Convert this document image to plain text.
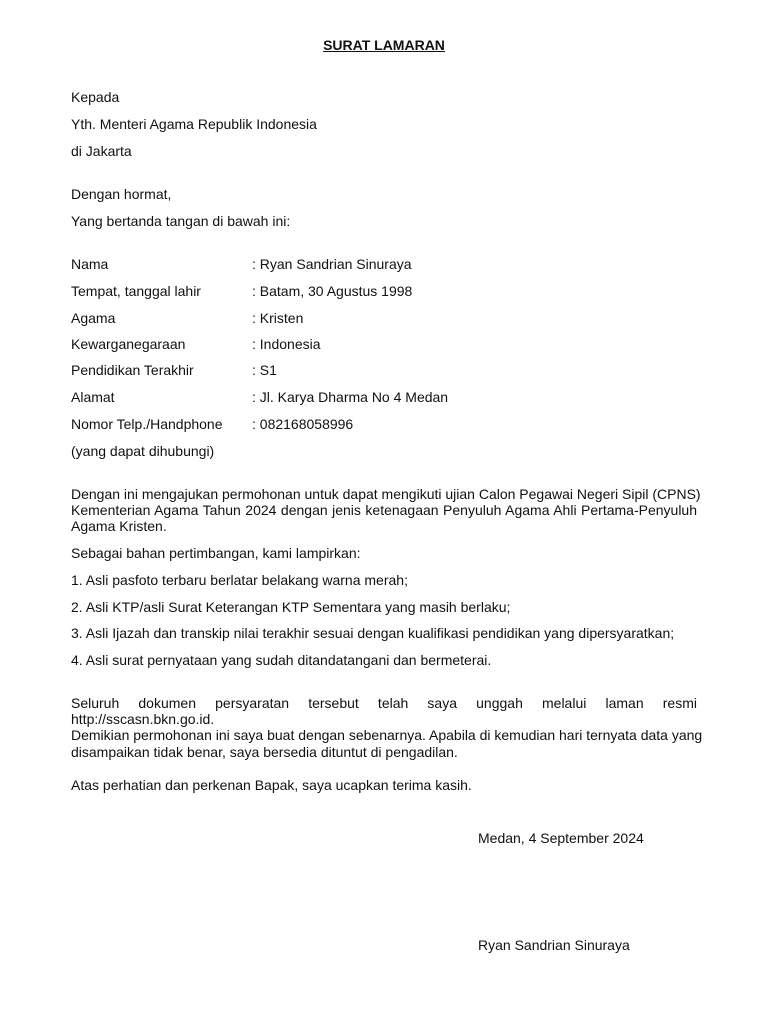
SURAT LAMARAN
Kepada
Yth. Menteri Agama Republik Indonesia
di Jakarta
Dengan hormat,
Yang bertanda tangan di bawah ini:
Nama	: Ryan Sandrian Sinuraya
Tempat, tanggal lahir	: Batam, 30 Agustus 1998
Agama	: Kristen
Kewarganegaraan	: Indonesia
Pendidikan Terakhir	: S1
Alamat	: Jl. Karya Dharma No 4 Medan
Nomor Telp./Handphone : 082168058996
(yang dapat dihubungi)
Dengan ini mengajukan permohonan untuk dapat mengikuti ujian Calon Pegawai Negeri Sipil (CPNS)
Kementerian Agama Tahun 2024 dengan jenis ketenagaan Penyuluh Agama Ahli Pertama-Penyuluh
Agama Kristen.
Sebagai bahan pertimbangan, kami lampirkan:
1. Asli pasfoto terbaru berlatar belakang warna merah;
2. Asli KTP/asli Surat Keterangan KTP Sementara yang masih berlaku;
3. Asli Ijazah dan transkip nilai terakhir sesuai dengan kualifikasi pendidikan yang dipersyaratkan;
4. Asli surat pernyataan yang sudah ditandatangani dan bermeterai.
Seluruh dokumen persyaratan tersebut telah saya unggah melalui laman resmi
http://sscasn.bkn.go.id.
Demikian permohonan ini saya buat dengan sebenarnya. Apabila di kemudian hari ternyata data yang
disampaikan tidak benar, saya bersedia dituntut di pengadilan.
Atas perhatian dan perkenan Bapak, saya ucapkan terima kasih.
Medan, 4 September 2024
Ryan Sandrian Sinuraya
